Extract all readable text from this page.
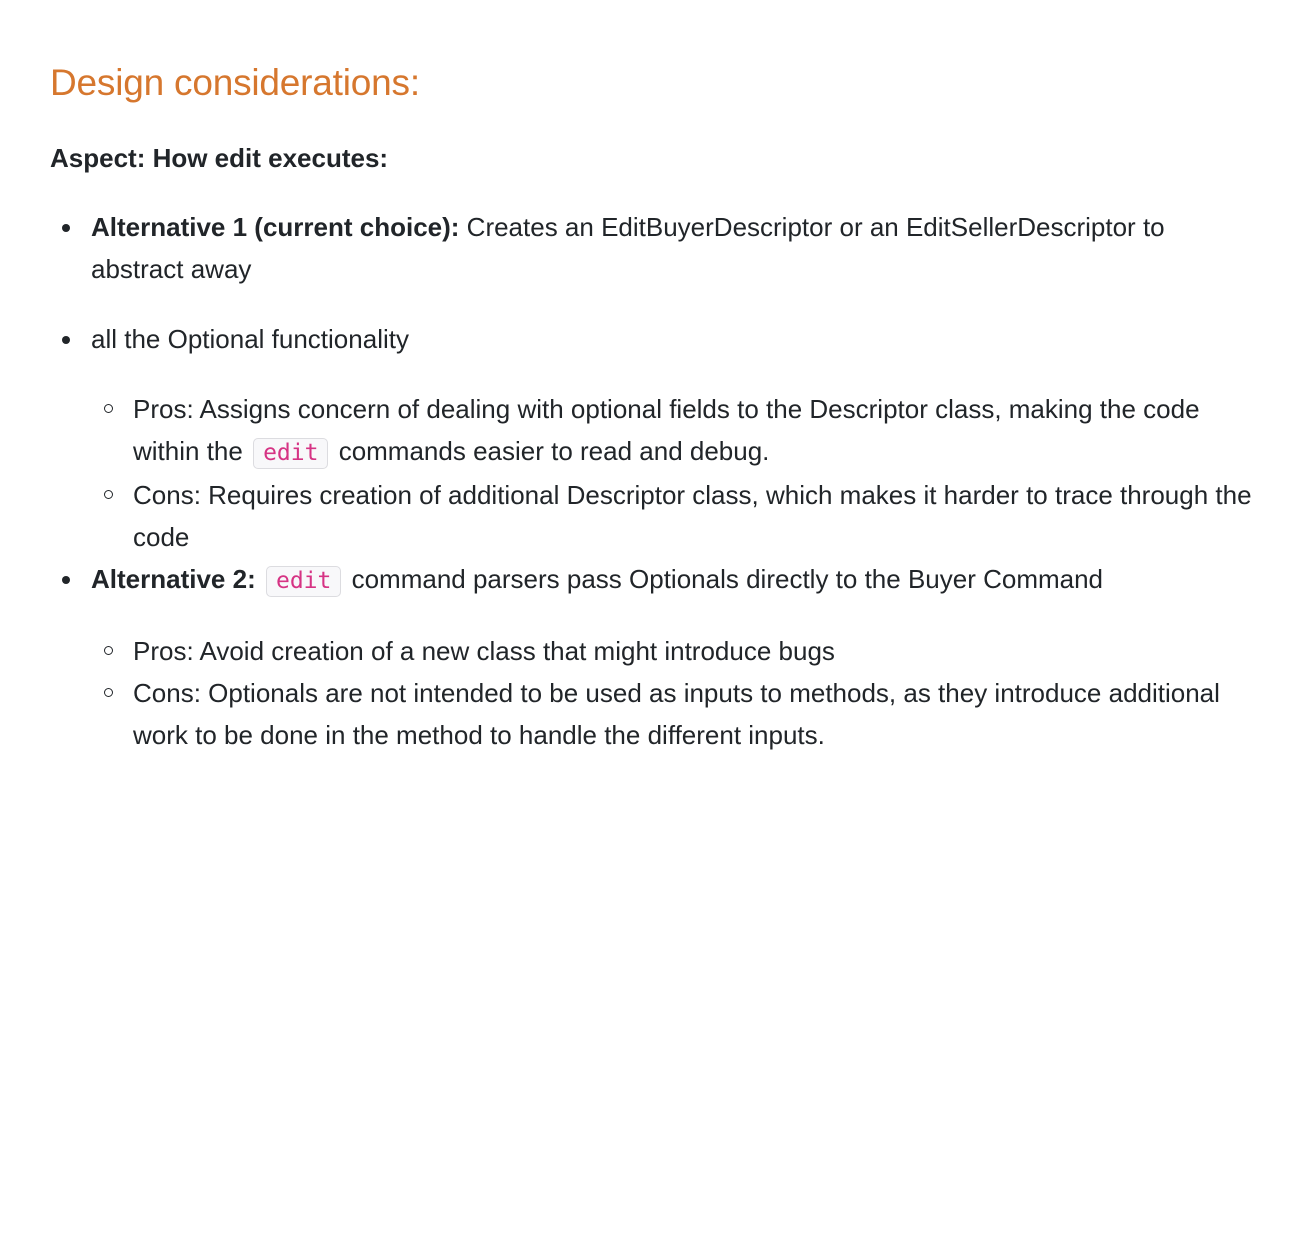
Design considerations:

Aspect: How edit executes:

Alternative 1 (current choice): Creates an EditBuyerDescriptor or an EditSellerDescriptor to abstract away
all the Optional functionality
Pros: Assigns concern of dealing with optional fields to the Descriptor class, making the code within the edit commands easier to read and debug.
Cons: Requires creation of additional Descriptor class, which makes it harder to trace through the code
Alternative 2: edit command parsers pass Optionals directly to the Buyer Command
Pros: Avoid creation of a new class that might introduce bugs
Cons: Optionals are not intended to be used as inputs to methods, as they introduce additional work to be done in the method to handle the different inputs.
